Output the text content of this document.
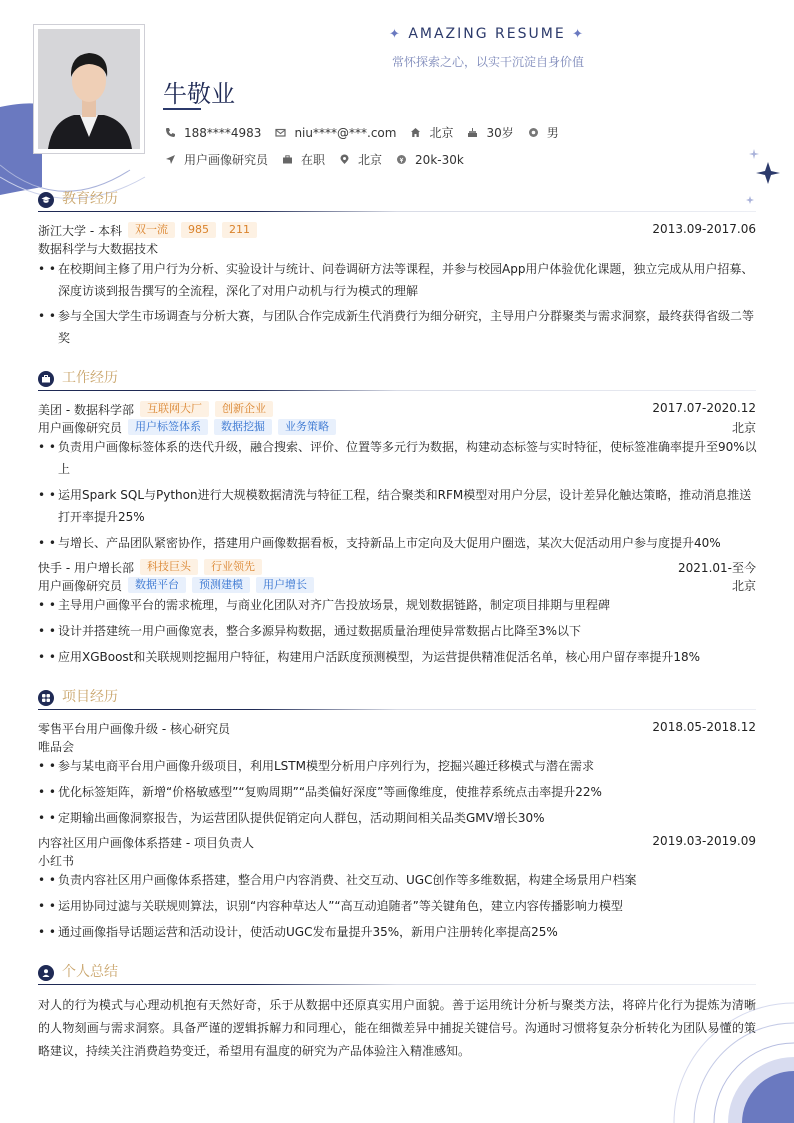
✦ AMAZING RESUME ✦
常怀探索之心，以实干沉淀自身价值
牛敬业
188****4983	niu****@***.com	北京	30岁	男
用户画像研究员	在职	北京	20k-30k
教育经历
浙江大学 - 本科	双一流	985	211	2013.09-2017.06
数据科学与大数据技术
• • 在校期间主修了用户行为分析、实验设计与统计、问卷调研方法等课程，并参与校园App用户体验优化课题，独立完成从用户招募、深度访谈到报告撰写的全流程，深化了对用户动机与行为模式的理解
• • 参与全国大学生市场调查与分析大赛，与团队合作完成新生代消费行为细分研究，主导用户分群聚类与需求洞察，最终获得省级二等奖
工作经历
美团 - 数据科学部	互联网大厂	创新企业	2017.07-2020.12
用户画像研究员	用户标签体系	数据挖掘	业务策略	北京
• • 负责用户画像标签体系的迭代升级，融合搜索、评价、位置等多元行为数据，构建动态标签与实时特征，使标签准确率提升至90%以上
• • 运用Spark SQL与Python进行大规模数据清洗与特征工程，结合聚类和RFM模型对用户分层，设计差异化触达策略，推动消息推送打开率提升25%
• • 与增长、产品团队紧密协作，搭建用户画像数据看板，支持新品上市定向及大促用户圈选，某次大促活动用户参与度提升40%
快手 - 用户增长部	科技巨头	行业领先	2021.01-至今
用户画像研究员	数据平台	预测建模	用户增长	北京
• • 主导用户画像平台的需求梳理，与商业化团队对齐广告投放场景，规划数据链路，制定项目排期与里程碑
• • 设计并搭建统一用户画像宽表，整合多源异构数据，通过数据质量治理使异常数据占比降至3%以下
• • 应用XGBoost和关联规则挖掘用户特征，构建用户活跃度预测模型，为运营提供精准促活名单，核心用户留存率提升18%
项目经历
零售平台用户画像升级 - 核心研究员	2018.05-2018.12
唯品会
• • 参与某电商平台用户画像升级项目，利用LSTM模型分析用户序列行为，挖掘兴趣迁移模式与潜在需求
• • 优化标签矩阵，新增“价格敏感型”“复购周期”“品类偏好深度”等画像维度，使推荐系统点击率提升22%
• • 定期输出画像洞察报告，为运营团队提供促销定向人群包，活动期间相关品类GMV增长30%
内容社区用户画像体系搭建 - 项目负责人	2019.03-2019.09
小红书
• • 负责内容社区用户画像体系搭建，整合用户内容消费、社交互动、UGC创作等多维数据，构建全场景用户档案
• • 运用协同过滤与关联规则算法，识别“内容种草达人”“高互动追随者”等关键角色，建立内容传播影响力模型
• • 通过画像指导话题运营和活动设计，使活动UGC发布量提升35%，新用户注册转化率提高25%
个人总结
对人的行为模式与心理动机抱有天然好奇，乐于从数据中还原真实用户面貌。善于运用统计分析与聚类方法，将碎片化行为提炼为清晰的人物刻画与需求洞察。具备严谨的逻辑拆解力和同理心，能在细微差异中捕捉关键信号。沟通时习惯将复杂分析转化为团队易懂的策略建议，持续关注消费趋势变迁，希望用有温度的研究为产品体验注入精准感知。
